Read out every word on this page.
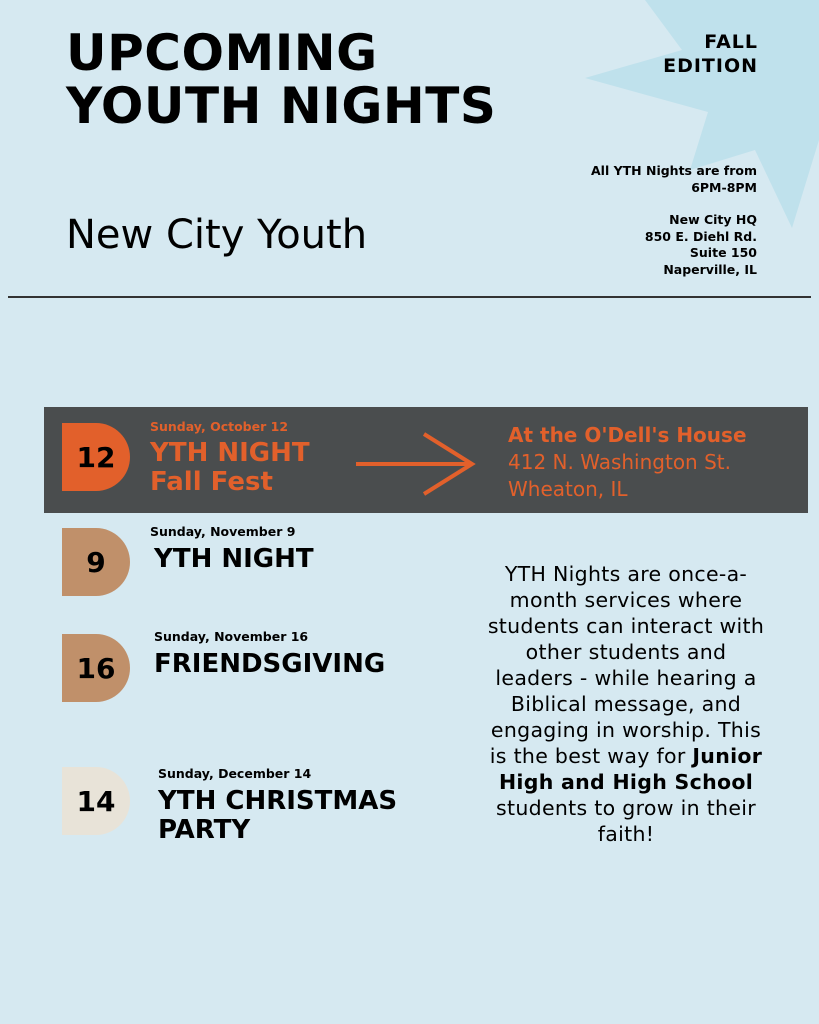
UPCOMING
YOUTH NIGHTS
FALL
EDITION
New City Youth
All YTH Nights are from
6PM-8PM
New City HQ
850 E. Diehl Rd.
Suite 150
Naperville, IL
12
Sunday, October 12
YTH NIGHT
Fall Fest
At the O'Dell's House
412 N. Washington St.
Wheaton, IL
9
Sunday, November 9
YTH NIGHT
16
Sunday, November 16
FRIENDSGIVING
14
Sunday, December 14
YTH CHRISTMAS
PARTY
YTH Nights are once-a-month services where students can interact with other students and leaders - while hearing a Biblical message, and engaging in worship. This is the best way for Junior High and High School students to grow in their faith!
